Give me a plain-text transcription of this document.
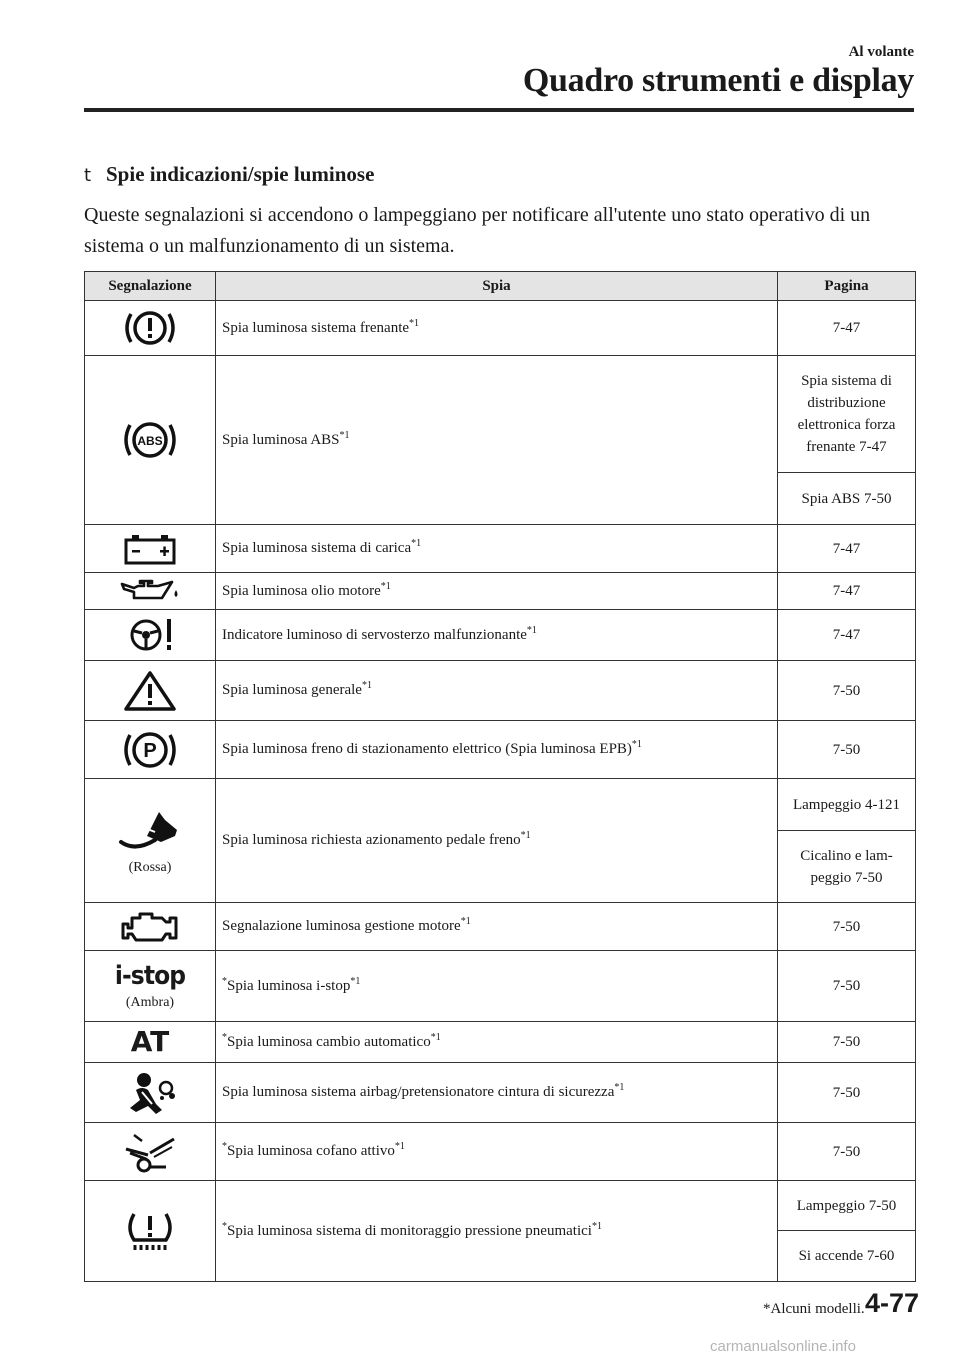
Al volante
Quadro strumenti e display
t Spie indicazioni/spie luminose
Queste segnalazioni si accendono o lampeggiano per notificare all'utente uno stato operativo di un sistema o un malfunzionamento di un sistema.
Segnalazione	Spia	Pagina

	Spia luminosa sistema frenante$^{*1}$	7-47

ABS	Spia luminosa ABS$^{*1}$	Spia sistema di distribuzione elettronica forza frenante 7-47
		Spia ABS 7-50

	Spia luminosa sistema di carica$^{*1}$	7-47

	Spia luminosa olio motore$^{*1}$	7-47

	Indicatore luminoso di servosterzo malfunzionante$^{*1}$	7-47

	Spia luminosa generale$^{*1}$	7-50

P	Spia luminosa freno di stazionamento elettrico (Spia luminosa EPB)$^{*1}$	7-50

(Rossa)	Spia luminosa richiesta azionamento pedale freno$^{*1}$	Lampeggio 4-121
		Cicalino e lam- peggio 7-50

	Segnalazione luminosa gestione motore$^{*1}$	7-50

i-stop
(Ambra)	*Spia luminosa i-stop$^{*1}$	7-50

AT	*Spia luminosa cambio automatico$^{*1}$	7-50

	Spia luminosa sistema airbag/pretensionatore cintura di sicurezza$^{*1}$	7-50

	*Spia luminosa cofano attivo$^{*1}$	7-50

	*Spia luminosa sistema di monitoraggio pressione pneumatici$^{*1}$	Lampeggio 7-50
		Si accende 7-60
*Alcuni modelli. 4-77
carmanualsonline.info
